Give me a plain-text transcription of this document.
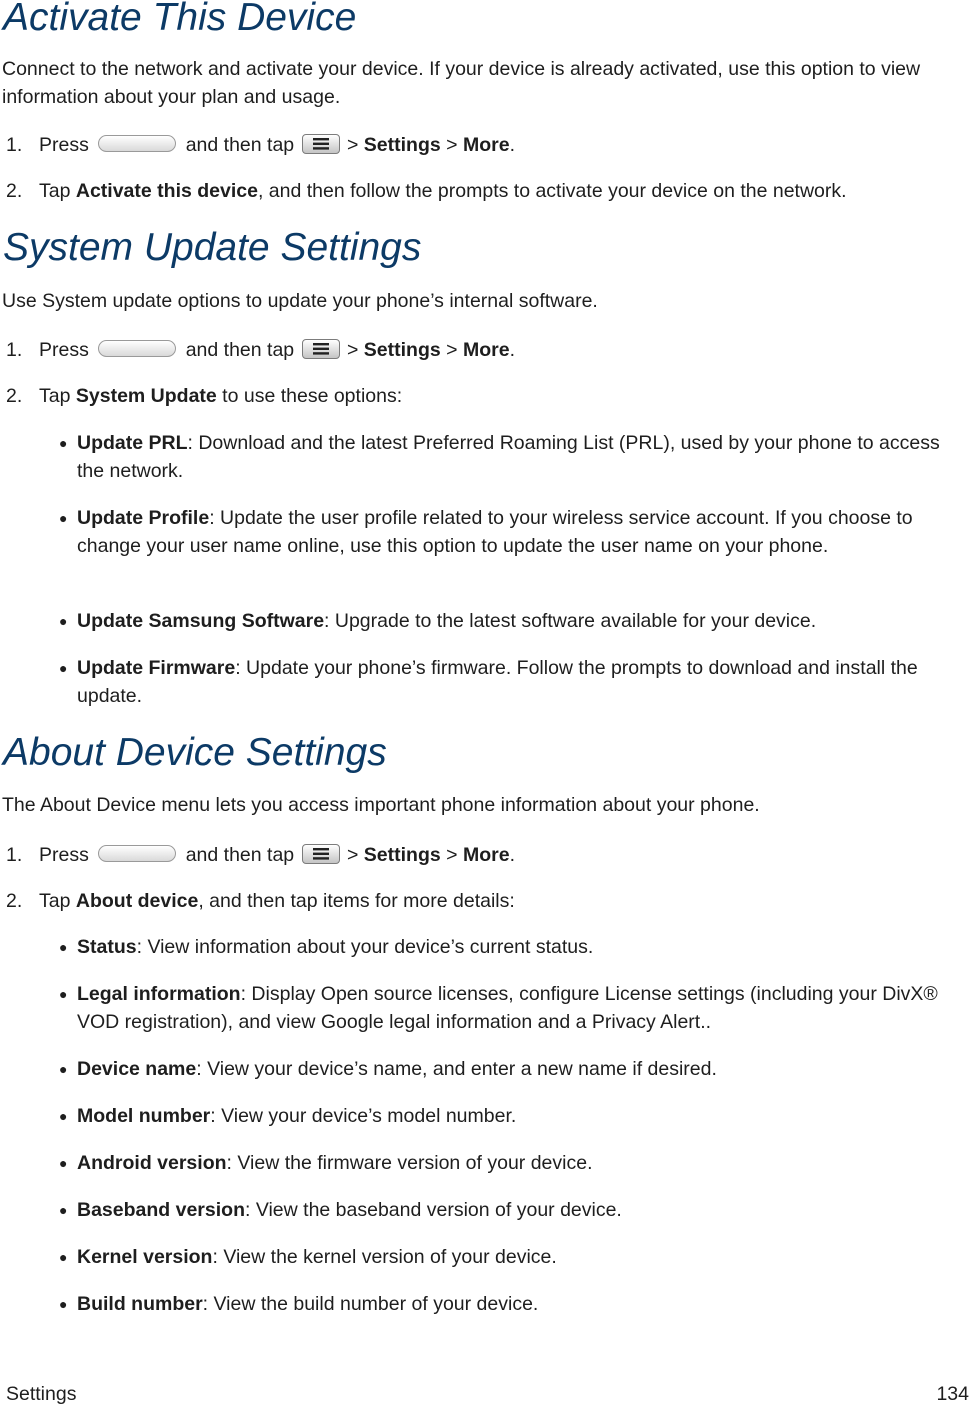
Activate This Device

Connect to the network and activate your device. If your device is already activated, use this option to view information about your plan and usage.

1. Press	and then tap	> Settings > More.
2. Tap Activate this device, and then follow the prompts to activate your device on the network.
System Update Settings

Use System update options to update your phone’s internal software.

1. Press	and then tap	> Settings > More.
2. Tap System Update to use these options:
● Update PRL: Download and the latest Preferred Roaming List (PRL), used by your phone to access the network.
● Update Profile: Update the user profile related to your wireless service account. If you choose to change your user name online, use this option to update the user name on your phone.
● Update Samsung Software: Upgrade to the latest software available for your device.
● Update Firmware: Update your phone’s firmware. Follow the prompts to download and install the update.
About Device Settings

The About Device menu lets you access important phone information about your phone.

1. Press	and then tap	> Settings > More.
2. Tap About device, and then tap items for more details:
● Status: View information about your device’s current status.
● Legal information: Display Open source licenses, configure License settings (including your DivX® VOD registration), and view Google legal information and a Privacy Alert..
● Device name: View your device’s name, and enter a new name if desired.
● Model number: View your device’s model number.
● Android version: View the firmware version of your device.
● Baseband version: View the baseband version of your device.
● Kernel version: View the kernel version of your device.
● Build number: View the build number of your device.
Settings	134
